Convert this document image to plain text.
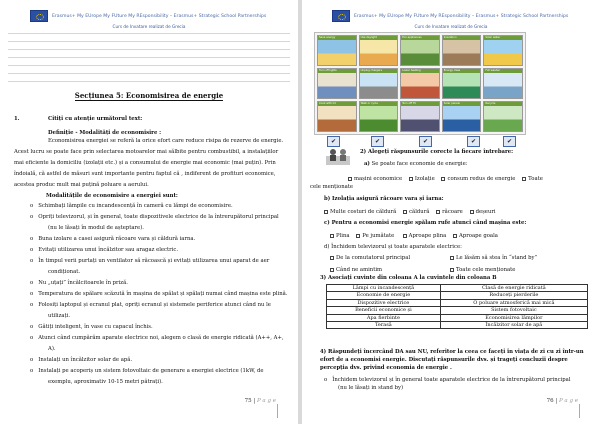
Erasmus+ My EUrope My FUture My REsponsibility – Erasmus+ Strategic School Partnerships
Curs de Invatare realizat de Grecia
Secțiunea 5: Economisirea de energie
1.	Citiți cu atenție următorul text:
Definiție - Modalități de economisire :
Economisirea energiei se referă la orice efort care reduce risipa de rezerve de energie.
Acest lucru se poate face prin selectarea motoarelor mai sălbite pentru combustibil, a instalațiilor
mai eficiente la domiciliu (izolații etc.) și a consumului de energie mai economic (mai puțin). Prin
îndoială, că astfel de măsuri sunt importante pentru faptul că , indiferent de profituri economice,
acestea produc mult mai puțină poluare a aerului.
Modalitățile de economisire a energiei sunt:
o   Schimbați lămpile cu incandescență în cameră cu lămpi de economisire.
o   Opriți televizorul, și în general, toate dispozitivele electrice de la întrerupătorul principal
(nu le lăsați în modul de așteptare).
o   Buna izolare a casei asigură răcoare vara și căldură iarna.
o   Evitați utilizarea unui încălzitor sau aragaz electric.
o   În timpul verii purtați un ventilator să răcoască și evitați utilizarea unui aparat de aer
condiționat.
o   Nu „uțați” încălcitoarele în priză.
o   Temperatura de spălare scăzută în mașina de spălat și spălați numai când mașina este plină.
o   Folosiți laptopul și ecranul plat, opriți ecranul și sistemele periferice atunci când nu le
utilizați.
o   Gătiți inteligent, în vase cu capacul închis.
o   Atunci când cumpărăm aparate electrice noi, alegem o clasă de energie ridicată (A++, A+,
A).
o   Instalați un încălzitor solar de apă.
o   Instalați pe acoperiș un sistem fotovoltaic de generare a energiei electrice (1kW, de
exemplu, aproximativ 10-15 metri pătrați).
75 | P a g e
Erasmus+ My EUrope My FUture My REsponsibility – Erasmus+ Strategic School Partnerships
Curs de Invatare realizat de Grecia
Save energy	Use daylight	Eco appliances	Insulation	Solar water
Turn off lights	Unplug chargers	Lower heating	Energy class	Full washer
Cook with lid	Walk or cycle	Turn off TV	Solar panels	Recycle
✔	✔	✔	✔	✔
2) Alegeți răspunsurile corecte la fiecare întrebare:
a) Se poate face economie de energie:
mașini economice Izolație consum redus de energie Toate
cele menționate
b) Izolația asigură răcoare vara și iarna:
Multe costuri de căldură căldură răcoare deșeuri
c) Pentru a economisi energie spălam rufe atunci când mașina este:
Plina Pe jumătate	Aproape plina Aproape goala
d) Închidem televizorul și toate aparatele electrice:
De la comutatorul principal	Le lăsăm să stea în “stand by”
Când ne amintim	Toate cele menționate
3) Asociați cuvinte din coloana A la cuvintele din coloana B
Lămpi cu incandescență	Clasă de energie ridicată
Economie de energie	Reduceți pierderile
Dispozitive electrice	O poluare atmosferică mai mică
Beneficii economice și	Sistem fotovoltaic
Apa fierbinte	Economisirea lămpilor
Terasă	Încălzitor solar de apă
4) Răspundeți încercând DA sau NU, referitor la ceea ce faceți în viața de zi cu zi într-un
efort de a economisi energie. Discutați răspunsurile dvs. și trageți concluzii despre
percepția dvs. privind economia de energie .
o   Închidem televizorul și în general toate aparatele electrice de la întrerupătorul principal
(nu le lăsați in stand by)
76 | P a g e
